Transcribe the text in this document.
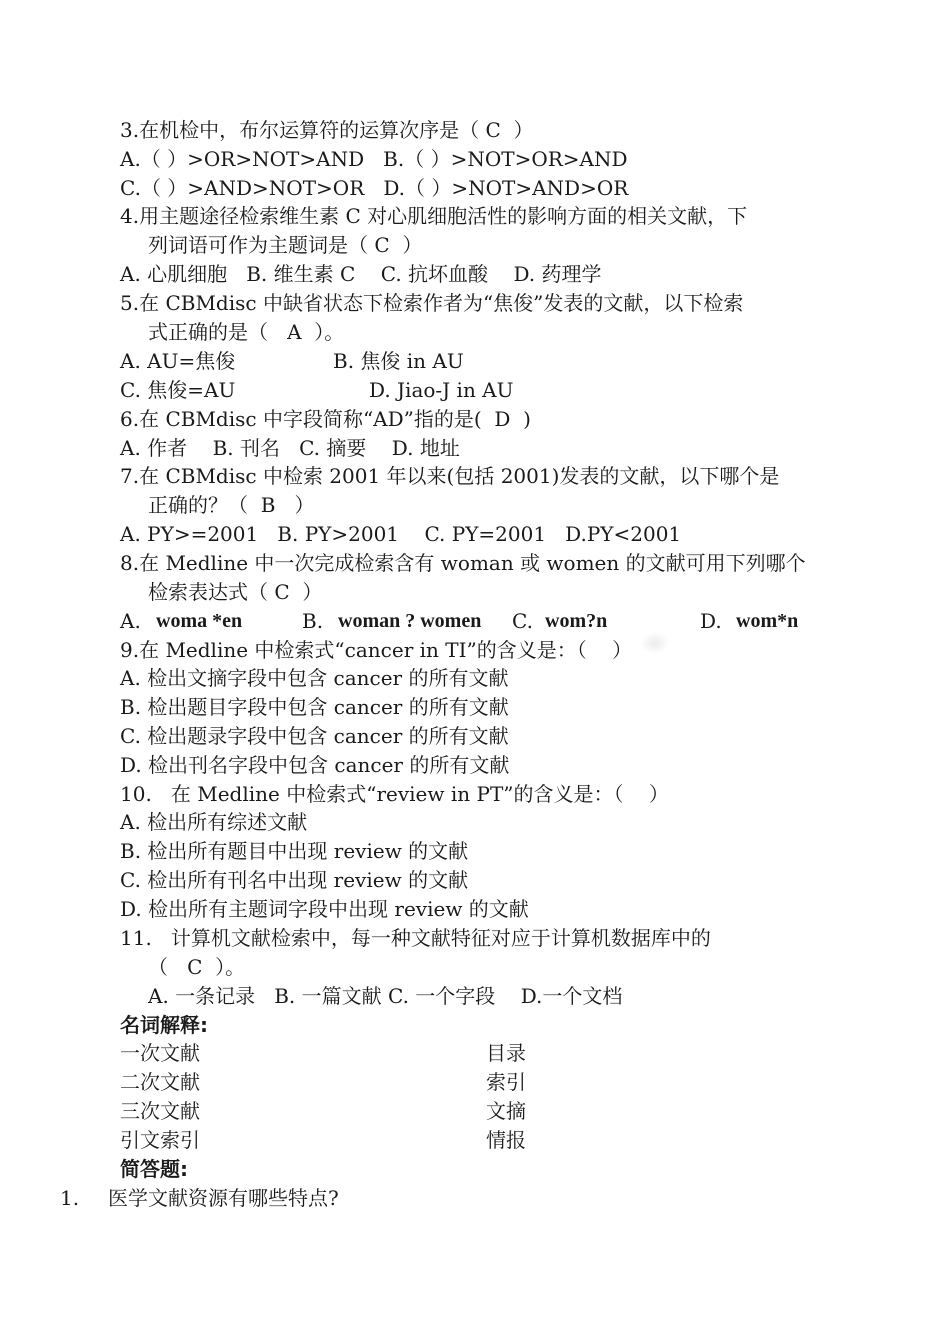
3.在机检中，布尔运算符的运算次序是（ C  ）
A.（ ）>OR>NOT>AND   B.（ ）>NOT>OR>AND
C.（ ）>AND>NOT>OR   D.（ ）>NOT>AND>OR
4.用主题途径检索维生素 C 对心肌细胞活性的影响方面的相关文献，下
列词语可作为主题词是（ C  ）
A. 心肌细胞   B. 维生素 C    C. 抗坏血酸    D. 药理学
5.在 CBMdisc 中缺省状态下检索作者为“焦俊”发表的文献，以下检索
式正确的是（   A  ）。
A. AU=焦俊	B. 焦俊 in AU
C. 焦俊=AU	D. Jiao-J in AU
6.在 CBMdisc 中字段简称“AD”指的是(  D  )
A. 作者    B. 刊名   C. 摘要    D. 地址
7.在 CBMdisc 中检索 2001 年以来(包括 2001)发表的文献，以下哪个是
正确的？（  B   ）
A. PY>=2001   B. PY>2001    C. PY=2001   D.PY<2001
8.在 Medline 中一次完成检索含有 woman 或 women 的文献可用下列哪个
检索表达式（ C  ）
A. woma *en	B. woman ? women C. wom?n	D. wom*n
9.在 Medline 中检索式“cancer in TI”的含义是：（    ）
A. 检出文摘字段中包含 cancer 的所有文献
B. 检出题目字段中包含 cancer 的所有文献
C. 检出题录字段中包含 cancer 的所有文献
D. 检出刊名字段中包含 cancer 的所有文献
10.   在 Medline 中检索式“review in PT”的含义是：（    ）
A. 检出所有综述文献
B. 检出所有题目中出现 review 的文献
C. 检出所有刊名中出现 review 的文献
D. 检出所有主题词字段中出现 review 的文献
11.   计算机文献检索中，每一种文献特征对应于计算机数据库中的
（   C  ）。
A. 一条记录   B. 一篇文献 C. 一个字段    D.一个文档
名词解释:
一次文献	目录
二次文献	索引
三次文献	文摘
引文索引	情报
简答题:
1. 医学文献资源有哪些特点?
